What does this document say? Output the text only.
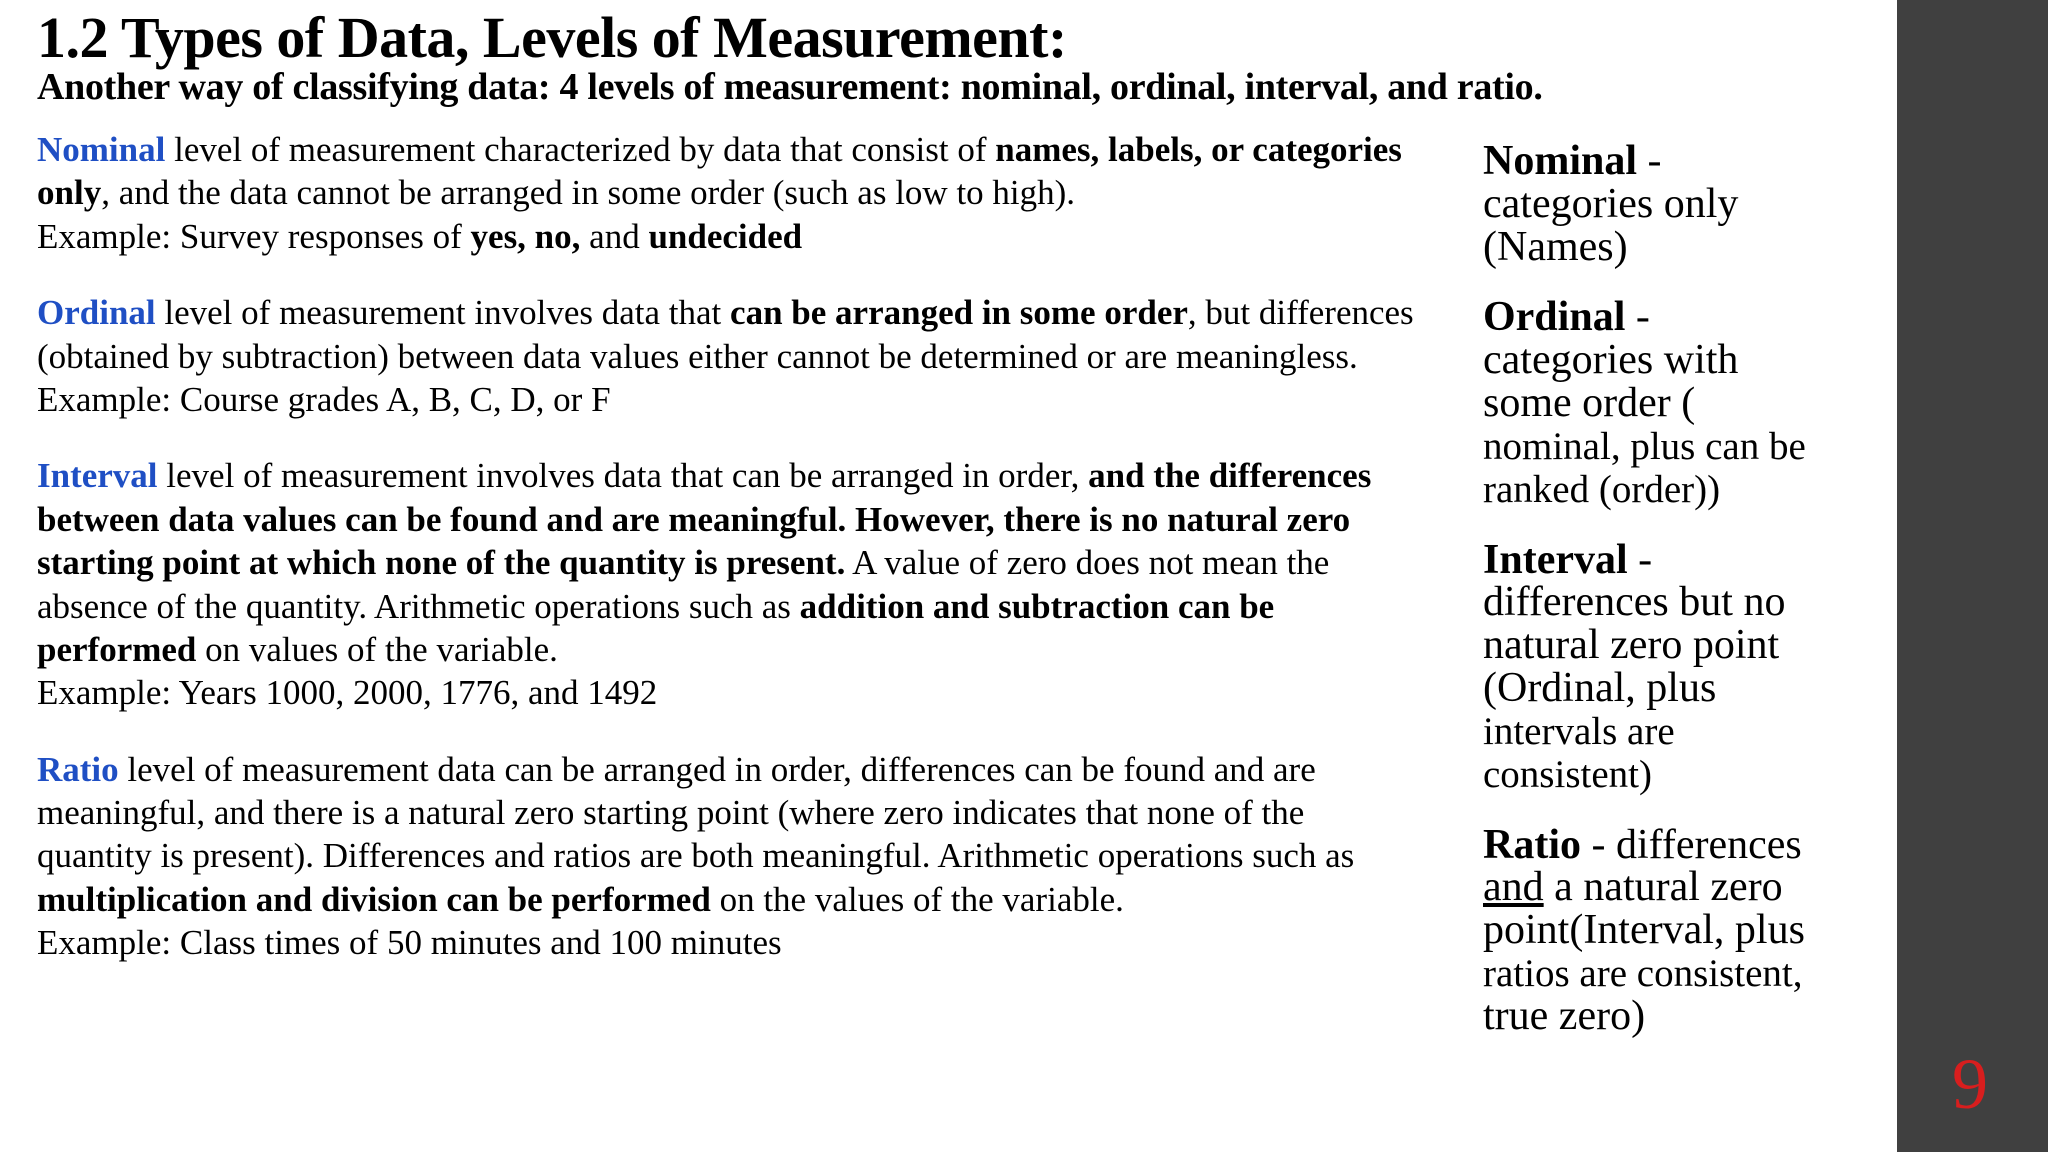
1.2 Types of Data, Levels of Measurement:
Another way of classifying data: 4 levels of measurement: nominal, ordinal, interval, and ratio.
Nominal level of measurement characterized by data that consist of names, labels, or categories only, and the data cannot be arranged in some order (such as low to high).
Example: Survey responses of yes, no, and undecided
Ordinal level of measurement involves data that can be arranged in some order, but differences (obtained by subtraction) between data values either cannot be determined or are meaningless.
Example: Course grades A, B, C, D, or F
Interval level of measurement involves data that can be arranged in order, and the differences between data values can be found and are meaningful. However, there is no natural zero starting point at which none of the quantity is present. A value of zero does not mean the absence of the quantity. Arithmetic operations such as addition and subtraction can be performed on values of the variable.
Example: Years 1000, 2000, 1776, and 1492
Ratio level of measurement data can be arranged in order, differences can be found and are meaningful, and there is a natural zero starting point (where zero indicates that none of the quantity is present). Differences and ratios are both meaningful. Arithmetic operations such as multiplication and division can be performed on the values of the variable.
Example: Class times of 50 minutes and 100 minutes
Nominal -
categories only
(Names)
Ordinal -
categories with
some order (
nominal, plus can be
ranked (order))
Interval -
differences but no
natural zero point
(Ordinal, plus
intervals are
consistent)
Ratio - differences
and a natural zero
point(Interval, plus
ratios are consistent,
true zero)
9
